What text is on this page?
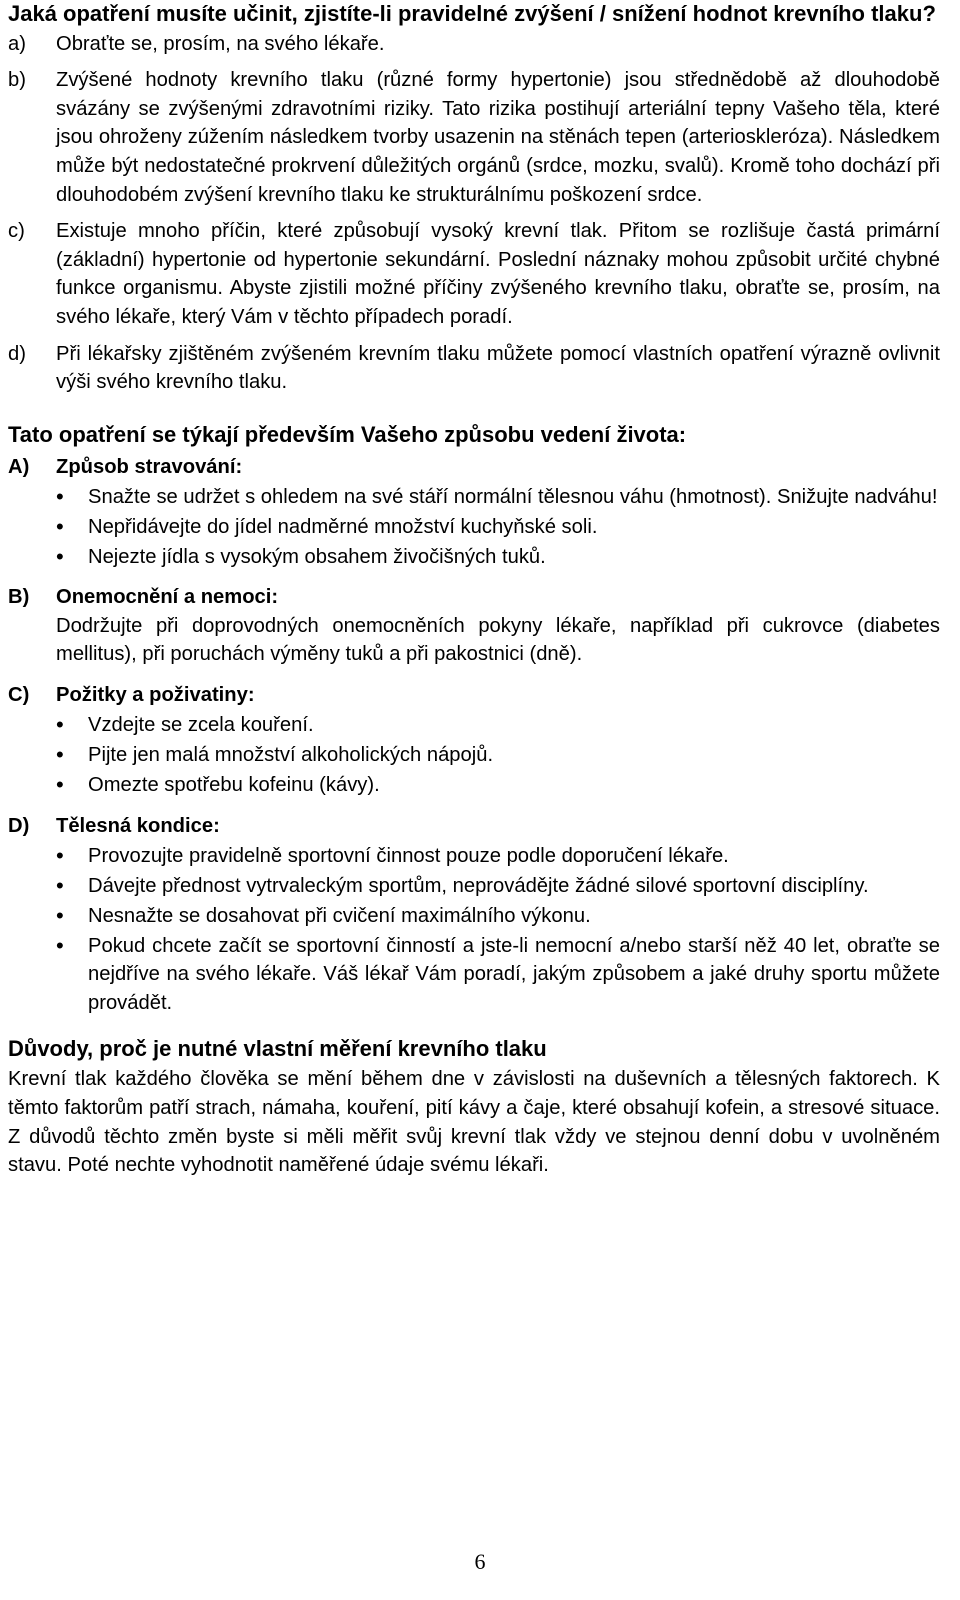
Jaká opatření musíte učinit, zjistíte-li pravidelné zvýšení / snížení hodnot krevního tlaku?
a)	Obraťte se, prosím, na svého lékaře.
b)	Zvýšené hodnoty krevního tlaku (různé formy hypertonie) jsou střednědobě až dlouhodobě svázány se zvýšenými zdravotními riziky. Tato rizika postihují arteriální tepny Vašeho těla, které jsou ohroženy zúžením následkem tvorby usazenin na stěnách tepen (arterioskleróza). Následkem může být nedostatečné prokrvení důležitých orgánů (srdce, mozku, svalů). Kromě toho dochází při dlouhodobém zvýšení krevního tlaku ke strukturálnímu poškození srdce.
c)	Existuje mnoho příčin, které způsobují vysoký krevní tlak. Přitom se rozlišuje častá primární (základní) hypertonie od hypertonie sekundární. Poslední náznaky mohou způsobit určité chybné funkce organismu. Abyste zjistili možné příčiny zvýšeného krevního tlaku, obraťte se, prosím, na svého lékaře, který Vám v těchto případech poradí.
d)	Při lékařsky zjištěném zvýšeném krevním tlaku můžete pomocí vlastních opatření výrazně ovlivnit výši svého krevního tlaku.
Tato opatření se týkají především Vašeho způsobu vedení života:
A)	Způsob stravování:
•	Snažte se udržet s ohledem na své stáří normální tělesnou váhu (hmotnost). Snižujte nadváhu!
•	Nepřidávejte do jídel nadměrné množství kuchyňské soli.
•	Nejezte jídla s vysokým obsahem živočišných tuků.
B)	Onemocnění a nemoci:
Dodržujte při doprovodných onemocněních pokyny lékaře, například při cukrovce (diabetes mellitus), při poruchách výměny tuků a při pakostnici (dně).
C)	Požitky a poživatiny:
•	Vzdejte se zcela kouření.
•	Pijte jen malá množství alkoholických nápojů.
•	Omezte spotřebu kofeinu (kávy).
D)	Tělesná kondice:
•	Provozujte pravidelně sportovní činnost pouze podle doporučení lékaře.
•	Dávejte přednost vytrvaleckým sportům, neprovádějte žádné silové sportovní disciplíny.
•	Nesnažte se dosahovat při cvičení maximálního výkonu.
•	Pokud chcete začít se sportovní činností a jste-li nemocní a/nebo starší něž 40 let, obraťte se nejdříve na svého lékaře. Váš lékař Vám poradí, jakým způsobem a jaké druhy sportu můžete provádět.
Důvody, proč je nutné vlastní měření krevního tlaku
Krevní tlak každého člověka se mění během dne v závislosti na duševních a tělesných faktorech. K těmto faktorům patří strach, námaha, kouření, pití kávy a čaje, které obsahují kofein, a stresové situace. Z důvodů těchto změn byste si měli měřit svůj krevní tlak vždy ve stejnou denní dobu v uvolněném stavu. Poté nechte vyhodnotit naměřené údaje svému lékaři.
6
